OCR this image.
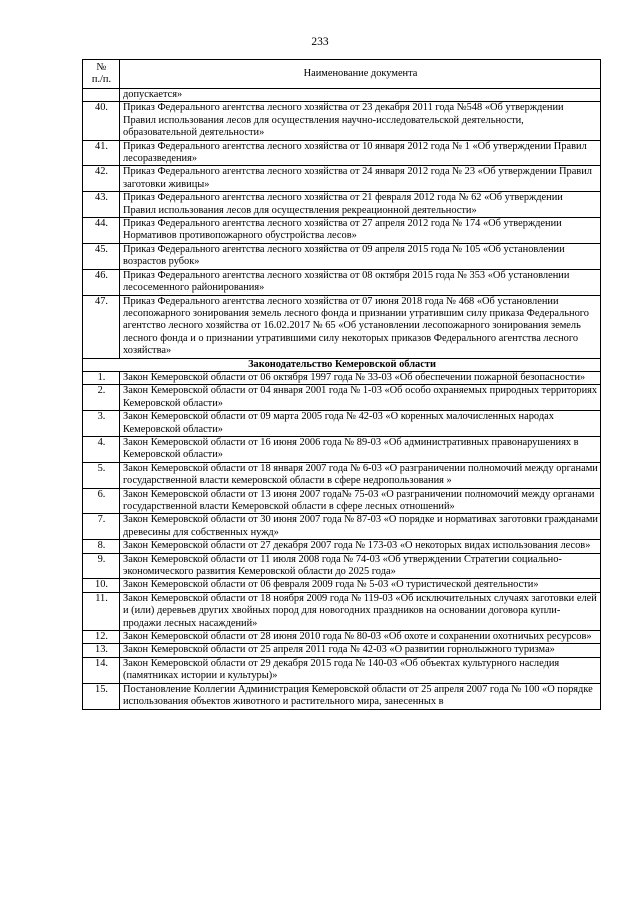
233
№
п./п.	Наименование документа
	допускается»
40.	Приказ Федерального агентства лесного хозяйства от 23 декабря 2011 года №548 «Об утверждении Правил использования лесов для осуществления научно-исследовательской деятельности, образовательной деятельности»
41.	Приказ Федерального агентства лесного хозяйства от 10 января 2012 года № 1 «Об утверждении Правил лесоразведения»
42.	Приказ Федерального агентства лесного хозяйства от 24 января 2012 года № 23 «Об утверждении Правил заготовки живицы»
43.	Приказ Федерального агентства лесного хозяйства от 21 февраля 2012 года № 62 «Об утверждении Правил использования лесов для осуществления рекреационной деятельности»
44.	Приказ Федерального агентства лесного хозяйства от 27 апреля 2012 года № 174 «Об утверждении Нормативов противопожарного обустройства лесов»
45.	Приказ Федерального агентства лесного хозяйства от 09 апреля 2015 года № 105 «Об установлении возрастов рубок»
46.	Приказ Федерального агентства лесного хозяйства от 08 октября 2015 года № 353 «Об установлении лесосеменного районирования»
47.	Приказ Федерального агентства лесного хозяйства от 07 июня 2018 года № 468 «Об установлении лесопожарного зонирования земель лесного фонда и признании утратившим силу приказа Федерального агентство лесного хозяйства от 16.02.2017 № 65 «Об установлении лесопожарного зонирования земель лесного фонда и о признании утратившими силу некоторых приказов Федерального агентства лесного хозяйства»
Законодательство Кемеровской области	
1.	Закон Кемеровской области от 06 октября 1997 года № 33-03 «Об обеспечении пожарной безопасности»
2.	Закон Кемеровской области от 04 января 2001 года № 1-03 «Об особо охраняемых природных территориях Кемеровской области»
3.	Закон Кемеровской области от 09 марта 2005 года № 42-03 «О коренных малочисленных народах Кемеровской области»
4.	Закон Кемеровской области от 16 июня 2006 года № 89-03 «Об административных правонарушениях в Кемеровской области»
5.	Закон Кемеровской области от 18 января 2007 года № 6-03 «О разграничении полномочий между органами государственной власти кемеровской области в сфере недропользования »
6.	Закон Кемеровской области от 13 июня 2007 года№ 75-03 «О разграничении полномочий между органами государственной власти Кемеровской области в сфере лесных отношений»
7.	Закон Кемеровской области от 30 июня 2007 года № 87-03 «О порядке и нормативах заготовки гражданами древесины для собственных нужд»
8.	Закон Кемеровской области от 27 декабря 2007 года № 173-03 «О некоторых видах использования лесов»
9.	Закон Кемеровской области от 11 июля 2008 года № 74-03 «Об утверждении Стратегии социально-экономического развития Кемеровской области до 2025 года»
10.	Закон Кемеровской области от 06 февраля 2009 года № 5-03 «О туристической деятельности»
11.	Закон Кемеровской области от 18 ноября 2009 года № 119-03 «Об исключительных случаях заготовки елей и (или) деревьев других хвойных пород для новогодних праздников на основании договора купли-продажи лесных насаждений»
12.	Закон Кемеровской области от 28 июня 2010 года № 80-03 «Об охоте и сохранении охотничьих ресурсов»
13.	Закон Кемеровской области от 25 апреля 2011 года № 42-03 «О развитии горнолыжного туризма»
14.	Закон Кемеровской области от 29 декабря 2015 года № 140-03 «Об объектах культурного наследия (памятниках истории и культуры)»
15.	Постановление Коллегии Администрация Кемеровской области от 25 апреля 2007 года № 100 «О порядке использования объектов животного и растительного мира, занесенных в
